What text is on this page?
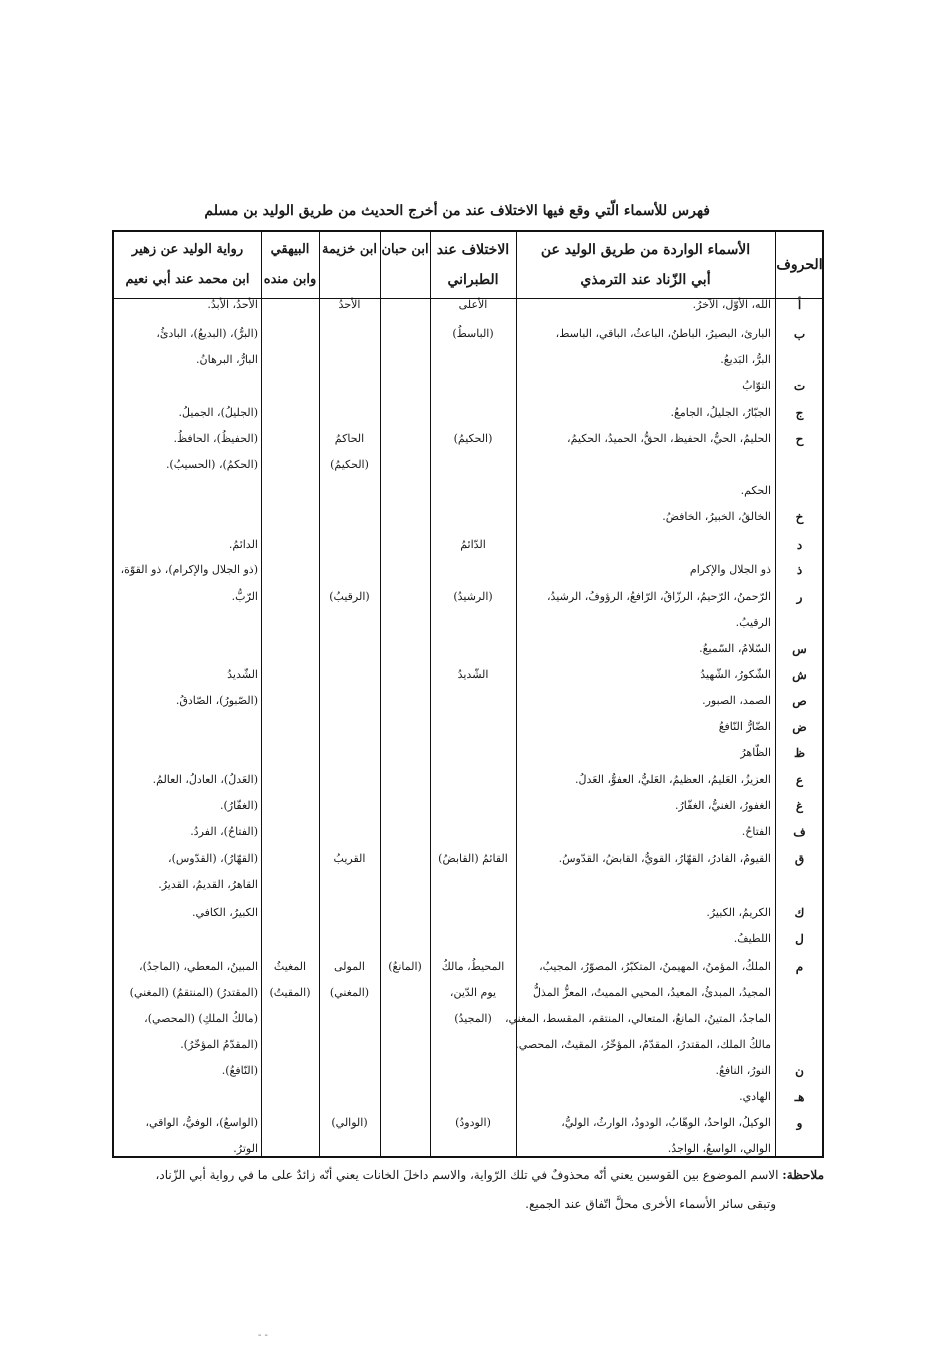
فهرس للأسماء الّتي وقع فيها الاختلاف عند من أخرج الحديث من طريق الوليد بن مسلم
الحروف
الأسماء الواردة من طريق الوليد عن
أبي الزّناد عند الترمذي
الاختلاف عند
الطبراني
ابن حبان
ابن خزيمة
البيهقي
وابن منده
رواية الوليد عن زهير
ابن محمد عند أبي نعيم
أ
الله، الأوّل، الآخرُ.
الأعلى
الأحدُ
الأحدُ، الأبدُ.
ب
البارئ، البصيرُ، الباطنُ، الباعثُ، الباقي، الباسط،
(الباسطُ)
(البرُّ)، (البديعُ)، البادئُ،
البرُّ، البَديعُ.
البارُّ، البرهانُ.
ت
التوّابُ
ج
الجبّارُ، الجليلُ، الجامعُ.
(الجليلُ)، الجميلُ.
ح
الحليمُ، الحيُّ، الحفيظ، الحقُّ، الحميدُ، الحكيمُ،
(الحكيمُ)
الحاكمُ
(الحفيظُ)، الحافظُ.
(الحكيمُ)
(الحكمُ)، (الحسيبُ).
الحكم.
خ
الخالقُ، الخبيرُ، الخافضُ.
د
الدّائمُ
الدائمُ.
ذ
ذو الجلال والإكرام
(ذو الجلال والإكرام)، ذو القوّة،
ر
الرّحمنُ، الرّحيمُ، الرزّاقُ، الرّافعُ، الرؤوفُ، الرشيدُ،
(الرشيدُ)
(الرقيبُ)
الرّبُّ.
الرقيبُ.
س
السّلامُ، السّميعُ.
ش
الشّكورُ، الشّهيدُ
الشّديدُ
الشّديدُ
ص
الصمد، الصبور.
(الصّبورُ)، الصّادقُ.
ض
الضّارُّ النّافعُ
ظ
الظّاهرُ
ع
العزيزُ، العَليمُ، العظيمُ، العَليُّ، العفوُّ، العَدلُ.
(العَدلُ)، العادلُ، العالمُ.
غ
الغفورُ، الغنيُّ، الغفّارُ.
(الغفّارُ).
ف
الفتاحُ.
(الفتاحُ)، الفردُ.
ق
القيومُ، القادرُ، القهّارُ، القويُّ، القابضُ، القدّوسُ.
القائمُ (القابضُ)
القريبُ
(القهّارُ)، (القدّوس)،
القاهرُ، القديمُ، القديرُ.
ك
الكريمُ، الكبيرُ.
الكبيرُ، الكافي.
ل
اللطيفُ.
م
الملكُ، المؤمنُ، المهيمنُ، المتكبّرُ، المصوّرُ، المجيبُ،
المحيطُ، مالكُ
(المانعُ)
المولى
المغيثُ
المبينُ، المعطي، (الماجدُ)،
المجيدُ، المبدئُ، المعيدُ، المحيي المميتُ، المعزُّ المذلُّ
يوم الدّين،
(المغني)
(المقيتُ)
(المقتدرُ) (المنتقمُ) (المغني)
الماجدُ، المتينُ، المانعُ، المتعالي، المنتقم، المقسط، المغني،
(المجيدُ)
(مالكُ الملكِ) (المحصي)،
مالكُ الملك، المقتدرُ، المقدّمُ، المؤخّرُ، المقيتُ، المحصي.
(المقدّمُ المؤخّرُ).
ن
النورُ، النافعُ.
(النّافعُ).
هـ
الهادي.
و
الوكيلُ، الواحدُ، الوهّابُ، الودودُ، الوارثُ، الوليُّ،
(الودودُ)
(الوالي)
(الواسعُ)، الوفيُّ، الواقي،
الوالي، الواسعُ، الواجدُ.
الوترُ.
ملاحظة: الاسم الموضوع بين القوسين يعني أنّه محذوفٌ في تلك الرّواية، والاسم داخلَ الخانات يعني أنّه زائدٌ على ما في رواية أبي الزّناد،
وتبقى سائر الأسماء الأخرى محلَّ اتّفاق عند الجميع.
- -
